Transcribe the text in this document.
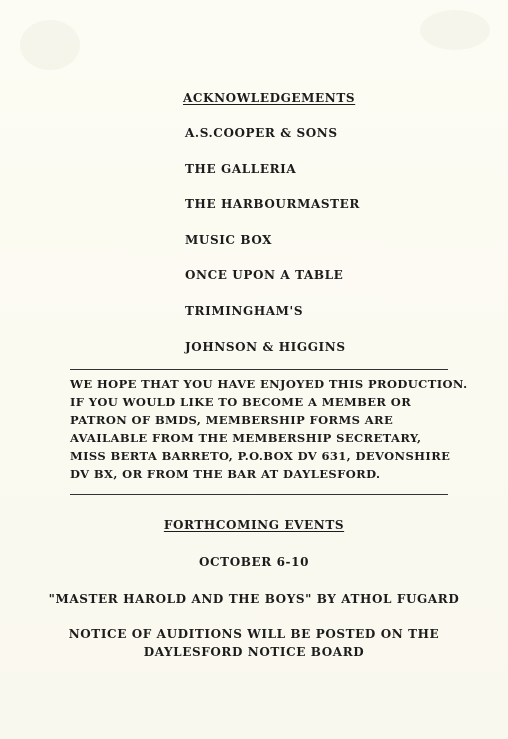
ACKNOWLEDGEMENTS
A.S.COOPER & SONS
THE GALLERIA
THE HARBOURMASTER
MUSIC BOX
ONCE UPON A TABLE
TRIMINGHAM'S
JOHNSON & HIGGINS
WE HOPE THAT YOU HAVE ENJOYED THIS PRODUCTION.
IF YOU WOULD LIKE TO BECOME A MEMBER OR
PATRON OF BMDS, MEMBERSHIP FORMS ARE
AVAILABLE FROM THE MEMBERSHIP SECRETARY,
MISS BERTA BARRETO, P.O.BOX DV 631, DEVONSHIRE
DV BX, OR FROM THE BAR AT DAYLESFORD.
FORTHCOMING EVENTS
OCTOBER 6-10
"MASTER HAROLD AND THE BOYS" BY ATHOL FUGARD
NOTICE OF AUDITIONS WILL BE POSTED ON THE
DAYLESFORD NOTICE BOARD
